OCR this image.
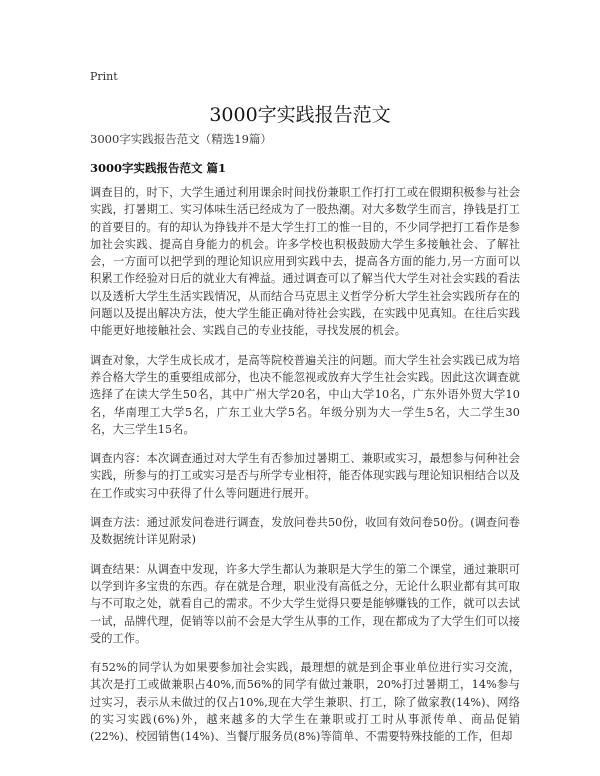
Print
3000字实践报告范文
3000字实践报告范文（精选19篇）
3000字实践报告范文 篇1

调查目的，时下，大学生通过利用课余时间找份兼职工作打打工或在假期积极参与社会实践，打暑期工、实习体味生活已经成为了一股热潮。对大多数学生而言，挣钱是打工的首要目的。有的却认为挣钱并不是大学生打工的惟一目的，不少同学把打工看作是参加社会实践、提高自身能力的机会。许多学校也积极鼓励大学生多接触社会、了解社会，一方面可以把学到的理论知识应用到实践中去，提高各方面的能力,另一方面可以积累工作经验对日后的就业大有裨益。通过调查可以了解当代大学生对社会实践的看法以及透析大学生生活实践情况，从而结合马克思主义哲学分析大学生社会实践所存在的问题以及提出解决方法，使大学生能正确对待社会实践，在实践中见真知。在往后实践中能更好地接触社会、实践自己的专业技能，寻找发展的机会。

调查对象，大学生成长成才，是高等院校普遍关注的问题。而大学生社会实践已成为培养合格大学生的重要组成部分，也决不能忽视或放弃大学生社会实践。因此这次调查就选择了在读大学生50名，其中广州大学20名，中山大学10名，广东外语外贸大学10名，华南理工大学5名，广东工业大学5名。年级分别为大一学生5名，大二学生30名，大三学生15名。

调查内容：本次调查通过对大学生有否参加过暑期工、兼职或实习，最想参与何种社会实践，所参与的打工或实习是否与所学专业相符，能否体现实践与理论知识相结合以及在工作或实习中获得了什么等问题进行展开。

调查方法：通过派发问卷进行调查，发放问卷共50份，收回有效问卷50份。(调查问卷及数据统计详见附录)

调查结果：从调查中发现，许多大学生都认为兼职是大学生的第二个课堂，通过兼职可以学到许多宝贵的东西。存在就是合理，职业没有高低之分，无论什么职业都有其可取与不可取之处，就看自己的需求。不少大学生觉得只要是能够赚钱的工作，就可以去试一试，品牌代理，促销等以前不会是大学生从事的工作，现在都成为了大学生们可以接受的工作。

有52%的同学认为如果要参加社会实践，最理想的就是到企事业单位进行实习交流，其次是打工或做兼职占40%,而56%的同学有做过兼职，20%打过暑期工，14%参与过实习，表示从未做过的仅占10%,现在大学生兼职、打工，除了做家教(14%)、网络的实习实践(6%)外，越来越多的大学生在兼职或打工时从事派传单、商品促销(22%)、校园销售(14%)、当餐厅服务员(8%)等简单、不需要特殊技能的工作，但却
